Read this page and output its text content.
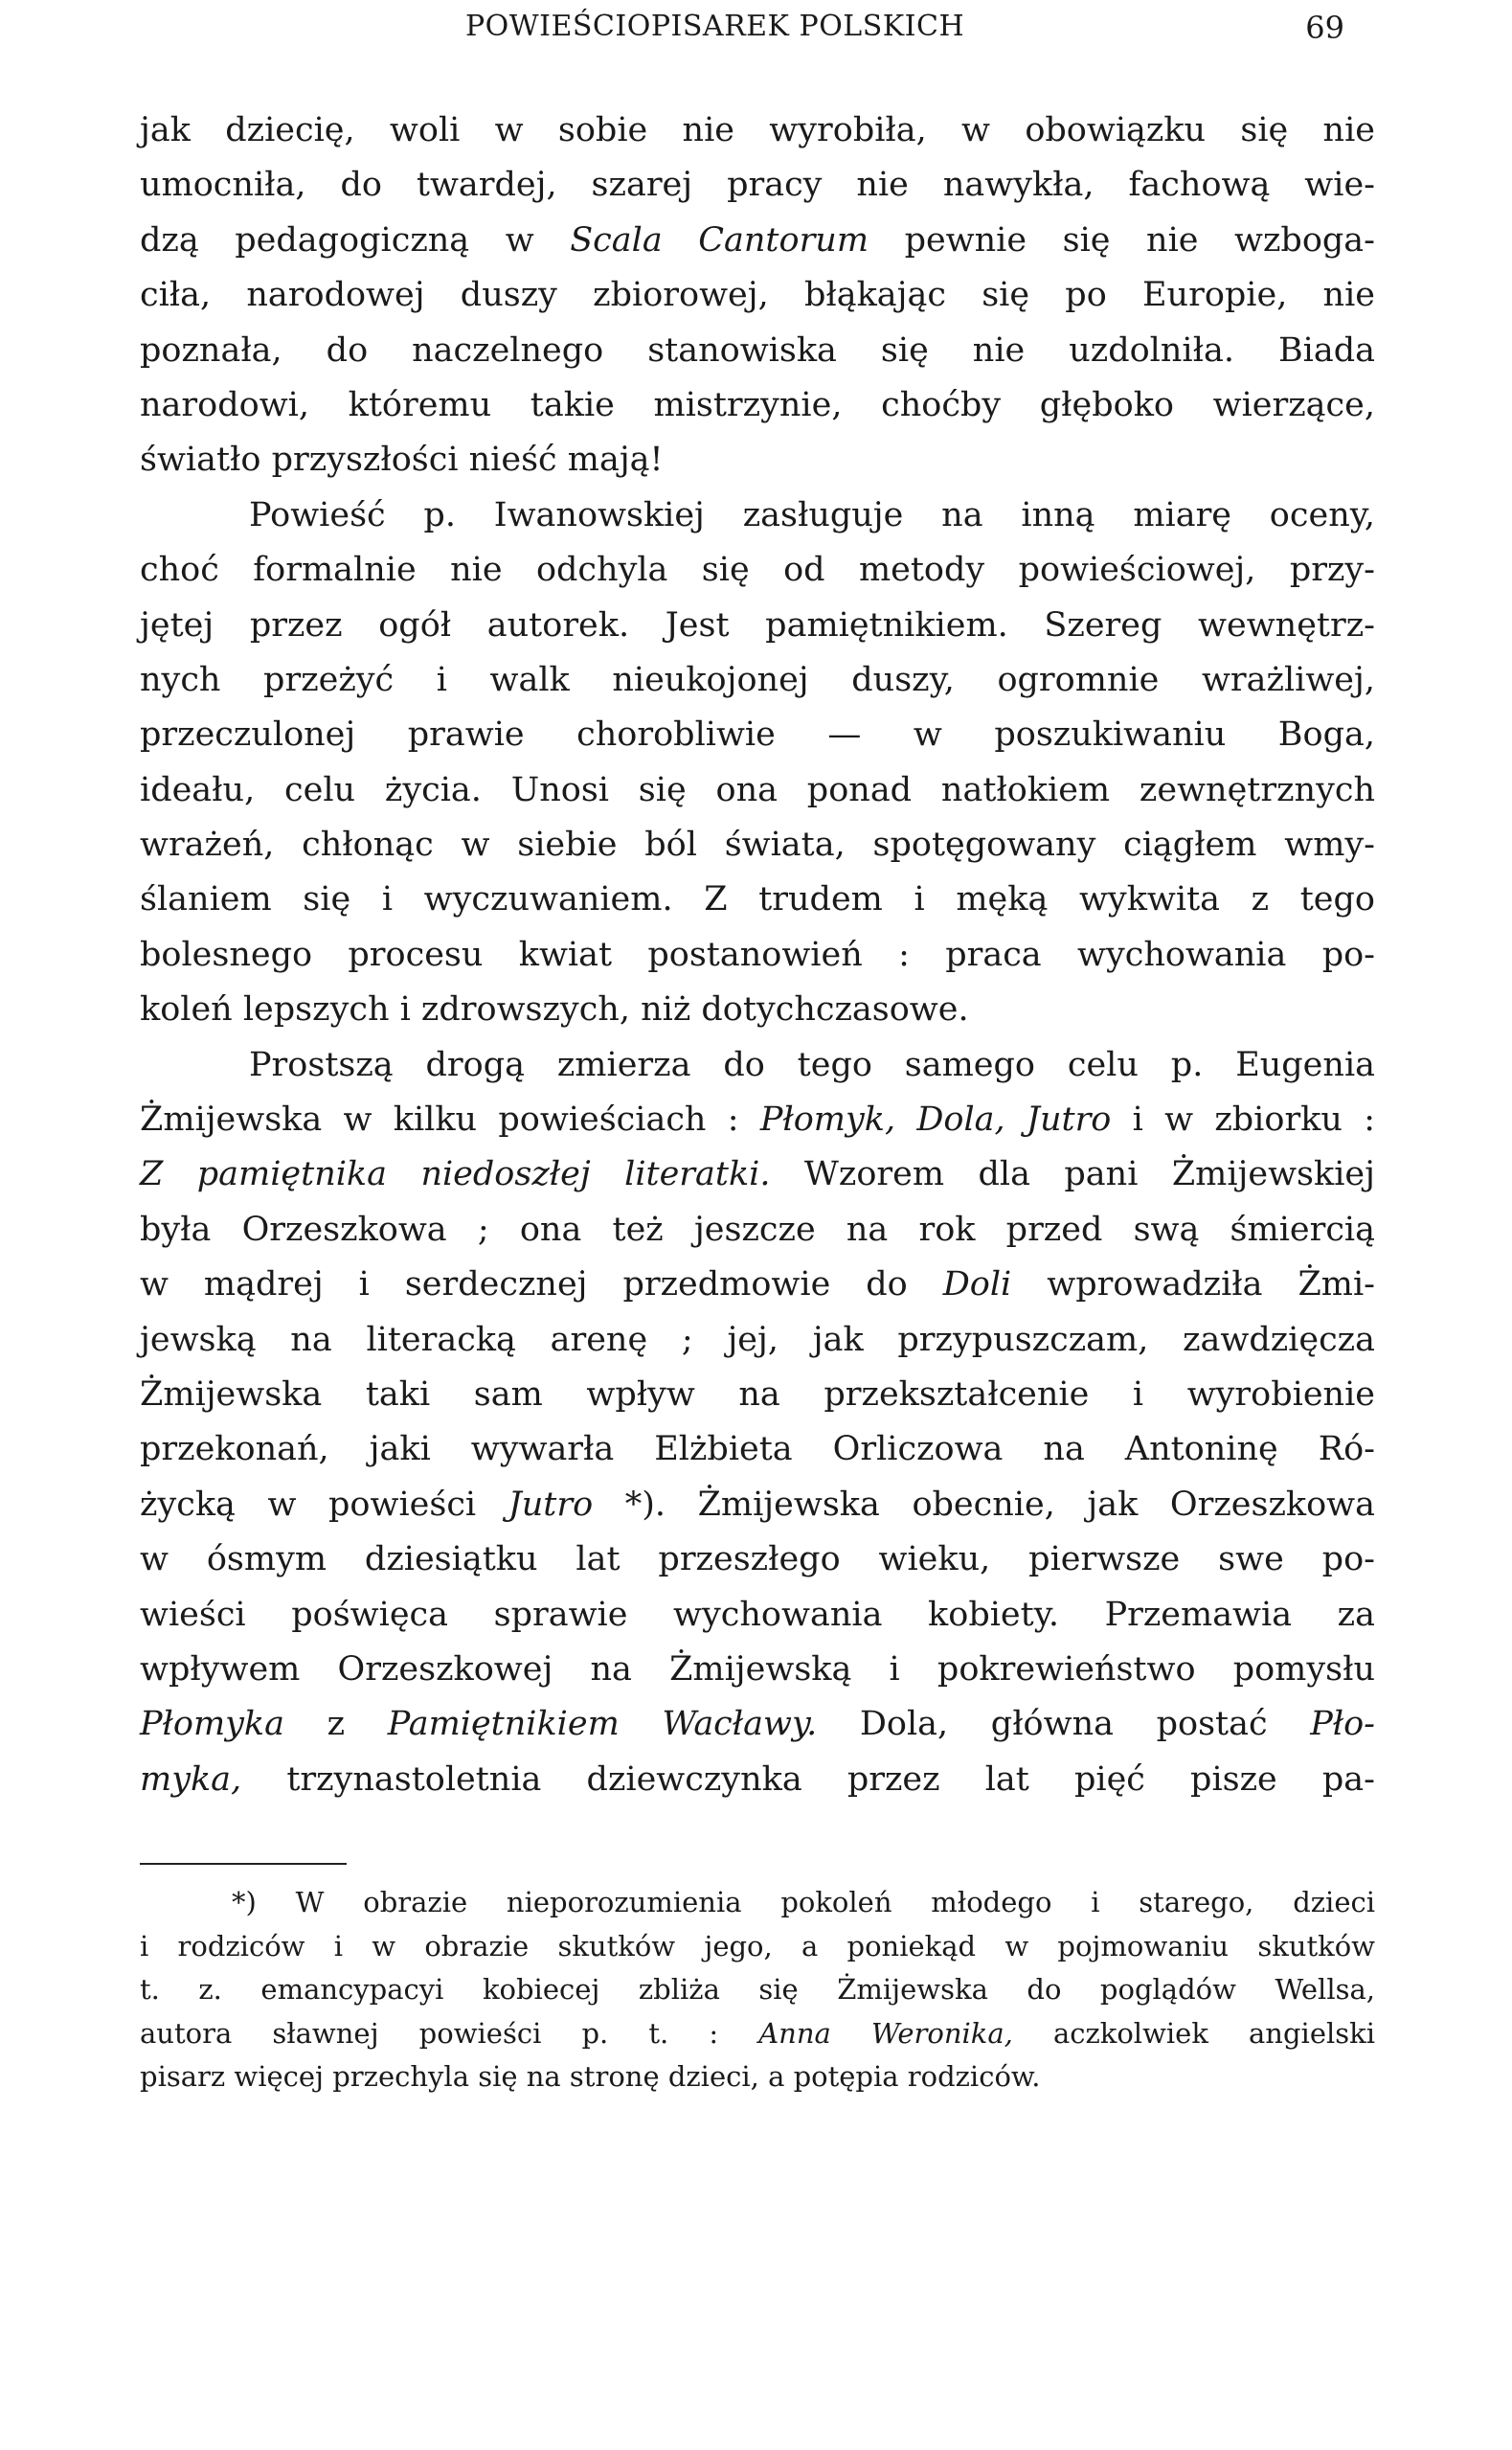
POWIEŚCIOPISAREK POLSKICH	69
jak dziecię, woli w sobie nie wyrobiła, w obowiązku się nie
umocniła, do twardej, szarej pracy nie nawykła, fachową wie-
dzą pedagogiczną w Scala Cantorum pewnie się nie wzboga-
ciła, narodowej duszy zbiorowej, błąkając się po Europie, nie
poznała, do naczelnego stanowiska się nie uzdolniła. Biada
narodowi, któremu takie mistrzynie, choćby głęboko wierzące,
światło przyszłości nieść mają!
Powieść p. Iwanowskiej zasługuje na inną miarę oceny,
choć formalnie nie odchyla się od metody powieściowej, przy-
jętej przez ogół autorek. Jest pamiętnikiem. Szereg wewnętrz-
nych przeżyć i walk nieukojonej duszy, ogromnie wrażliwej,
przeczulonej prawie chorobliwie — w poszukiwaniu Boga,
ideału, celu życia. Unosi się ona ponad natłokiem zewnętrznych
wrażeń, chłonąc w siebie ból świata, spotęgowany ciągłem wmy-
ślaniem się i wyczuwaniem. Z trudem i męką wykwita z tego
bolesnego procesu kwiat postanowień : praca wychowania po-
koleń lepszych i zdrowszych, niż dotychczasowe.
Prostszą drogą zmierza do tego samego celu p. Eugenia
Żmijewska w kilku powieściach : Płomyk, Dola, Jutro i w zbiorku :
Z pamiętnika niedoszłej literatki. Wzorem dla pani Żmijewskiej
była Orzeszkowa ; ona też jeszcze na rok przed swą śmiercią
w mądrej i serdecznej przedmowie do Doli wprowadziła Żmi-
jewską na literacką arenę ; jej, jak przypuszczam, zawdzięcza
Żmijewska taki sam wpływ na przekształcenie i wyrobienie
przekonań, jaki wywarła Elżbieta Orliczowa na Antoninę Ró-
życką w powieści Jutro *). Żmijewska obecnie, jak Orzeszkowa
w ósmym dziesiątku lat przeszłego wieku, pierwsze swe po-
wieści poświęca sprawie wychowania kobiety. Przemawia za
wpływem Orzeszkowej na Żmijewską i pokrewieństwo pomysłu
Płomyka z Pamiętnikiem Wacławy. Dola, główna postać Pło-
myka, trzynastoletnia dziewczynka przez lat pięć pisze pa-
*) W obrazie nieporozumienia pokoleń młodego i starego, dzieci
i rodziców i w obrazie skutków jego, a poniekąd w pojmowaniu skutków
t. z. emancypacyi kobiecej zbliża się Żmijewska do poglądów Wellsa,
autora sławnej powieści p. t. : Anna Weronika, aczkolwiek angielski
pisarz więcej przechyla się na stronę dzieci, a potępia rodziców.
